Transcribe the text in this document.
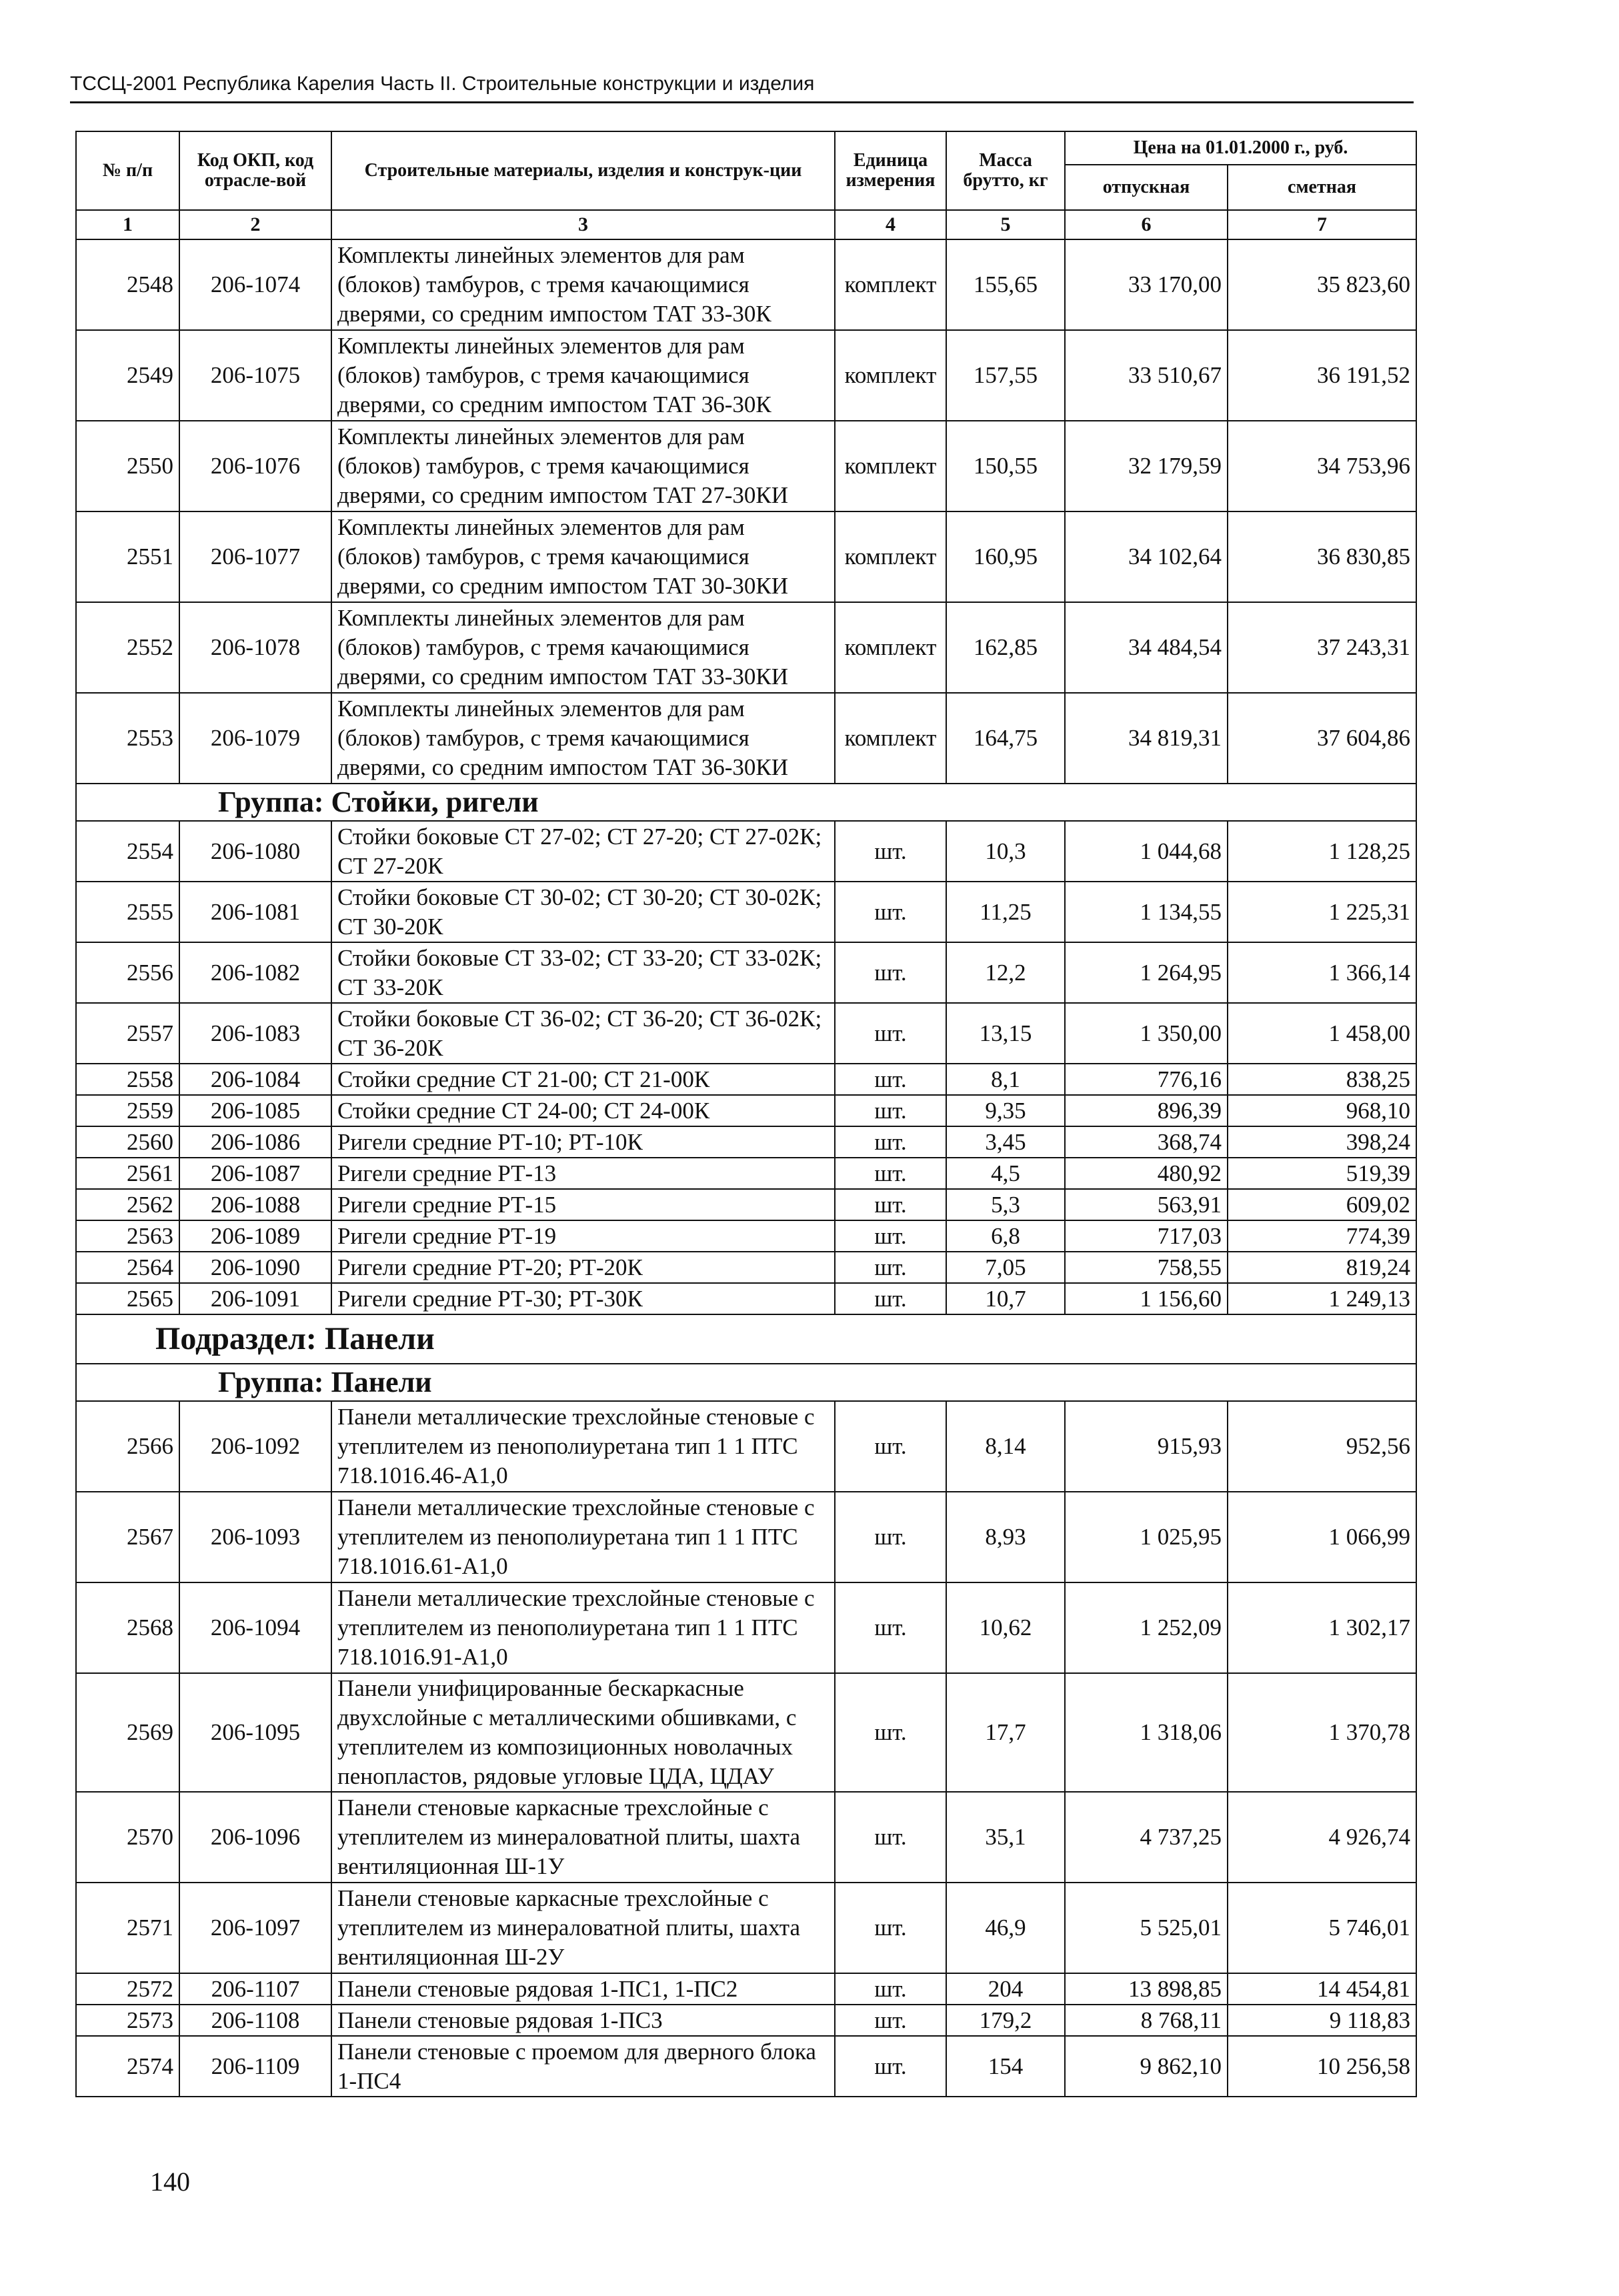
ТССЦ-2001 Республика Карелия Часть II. Строительные конструкции и изделия
№ п/п	Код ОКП, код отрасле-вой	Строительные материалы, изделия и конструк-ции	Единица измерения	Масса брутто, кг	Цена на 01.01.2000 г., руб.	
					отпускная	сметная
1	2	3	4	5	6	7
2548	206-1074	Комплекты линейных элементов для рам (блоков) тамбуров, с тремя качающимися дверями, со средним импостом ТАТ 33-30К	комплект	155,65	33 170,00	35 823,60
2549	206-1075	Комплекты линейных элементов для рам (блоков) тамбуров, с тремя качающимися дверями, со средним импостом ТАТ 36-30К	комплект	157,55	33 510,67	36 191,52
2550	206-1076	Комплекты линейных элементов для рам (блоков) тамбуров, с тремя качающимися дверями, со средним импостом ТАТ 27-30КИ	комплект	150,55	32 179,59	34 753,96
2551	206-1077	Комплекты линейных элементов для рам (блоков) тамбуров, с тремя качающимися дверями, со средним импостом ТАТ 30-30КИ	комплект	160,95	34 102,64	36 830,85
2552	206-1078	Комплекты линейных элементов для рам (блоков) тамбуров, с тремя качающимися дверями, со средним импостом ТАТ 33-30КИ	комплект	162,85	34 484,54	37 243,31
2553	206-1079	Комплекты линейных элементов для рам (блоков) тамбуров, с тремя качающимися дверями, со средним импостом ТАТ 36-30КИ	комплект	164,75	34 819,31	37 604,86
Группа: Стойки, ригели						
2554	206-1080	Стойки боковые СТ 27-02; СТ 27-20; СТ 27-02К; СТ 27-20К	шт.	10,3	1 044,68	1 128,25
2555	206-1081	Стойки боковые СТ 30-02; СТ 30-20; СТ 30-02К; СТ 30-20К	шт.	11,25	1 134,55	1 225,31
2556	206-1082	Стойки боковые СТ 33-02; СТ 33-20; СТ 33-02К; СТ 33-20К	шт.	12,2	1 264,95	1 366,14
2557	206-1083	Стойки боковые СТ 36-02; СТ 36-20; СТ 36-02К; СТ 36-20К	шт.	13,15	1 350,00	1 458,00
2558	206-1084	Стойки средние СТ 21-00; СТ 21-00К	шт.	8,1	776,16	838,25
2559	206-1085	Стойки средние СТ 24-00; СТ 24-00К	шт.	9,35	896,39	968,10
2560	206-1086	Ригели средние РТ-10; РТ-10К	шт.	3,45	368,74	398,24
2561	206-1087	Ригели средние РТ-13	шт.	4,5	480,92	519,39
2562	206-1088	Ригели средние РТ-15	шт.	5,3	563,91	609,02
2563	206-1089	Ригели средние РТ-19	шт.	6,8	717,03	774,39
2564	206-1090	Ригели средние РТ-20; РТ-20К	шт.	7,05	758,55	819,24
2565	206-1091	Ригели средние РТ-30; РТ-30К	шт.	10,7	1 156,60	1 249,13
Подраздел: Панели						
Группа: Панели						
2566	206-1092	Панели металлические трехслойные стеновые с утеплителем из пенополиуретана тип 1 1 ПТС 718.1016.46-А1,0	шт.	8,14	915,93	952,56
2567	206-1093	Панели металлические трехслойные стеновые с утеплителем из пенополиуретана тип 1 1 ПТС 718.1016.61-А1,0	шт.	8,93	1 025,95	1 066,99
2568	206-1094	Панели металлические трехслойные стеновые с утеплителем из пенополиуретана тип 1 1 ПТС 718.1016.91-А1,0	шт.	10,62	1 252,09	1 302,17
2569	206-1095	Панели унифицированные бескаркасные двухслойные с металлическими обшивками, с утеплителем из композиционных новолачных пенопластов, рядовые угловые ЦДА, ЦДАУ	шт.	17,7	1 318,06	1 370,78
2570	206-1096	Панели стеновые каркасные трехслойные с утеплителем из минераловатной плиты, шахта вентиляционная Ш-1У	шт.	35,1	4 737,25	4 926,74
2571	206-1097	Панели стеновые каркасные трехслойные с утеплителем из минераловатной плиты, шахта вентиляционная Ш-2У	шт.	46,9	5 525,01	5 746,01
2572	206-1107	Панели стеновые рядовая 1-ПС1, 1-ПС2	шт.	204	13 898,85	14 454,81
2573	206-1108	Панели стеновые рядовая 1-ПС3	шт.	179,2	8 768,11	9 118,83
2574	206-1109	Панели стеновые с проемом для дверного блока 1-ПС4	шт.	154	9 862,10	10 256,58
140
